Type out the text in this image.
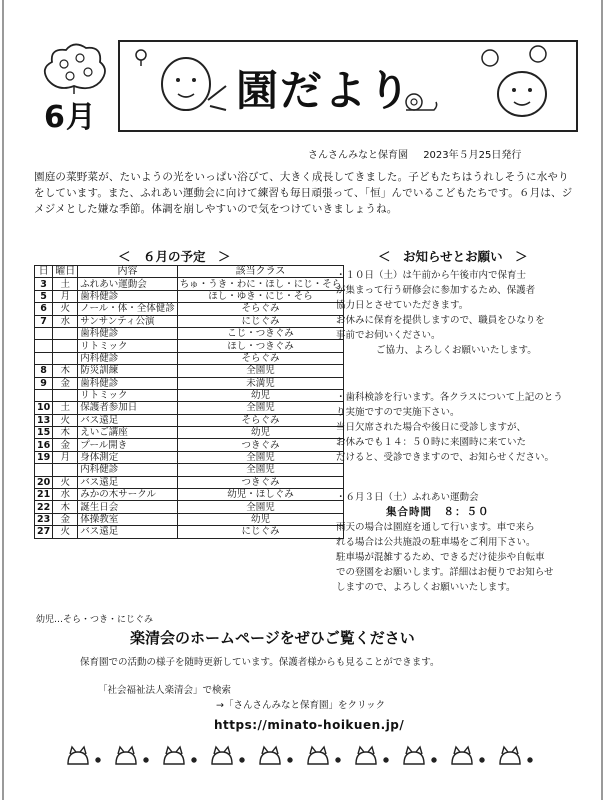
6月
園だより
さんさんみなと保育園 2023年５月25日発行
園庭の菜野菜が、たいようの光をいっぱい浴びて、大きく成長してきました。子どもたちはうれしそうに水やりをしています。また、ふれあい運動会に向けて練習も毎日頑張って、「恒」んでいるこどもたちです。６月は、ジメジメとした嫌な季節。体調を崩しやすいので気をつけていきましょうね。
＜　６月の予定　＞
日	曜日	内容	該当クラス
3	土	ふれあい運動会	ちゅ・うき・わに・ほし・にじ・そら
5	月	歯科健診	ほし・ゆき・にじ・そら
6	火	ノール・体・全体健診	そらぐみ
7	水	サンサンティ公演	にじぐみ
		歯科健診	こじ・つきぐみ
		リトミック	ほし・つきぐみ
		内科健診	そらぐみ
8	木	防災訓練	全園児
9	金	歯科健診	未満児
		リトミック	幼児
10	土	保護者参加日	全園児
13	火	バス遠足	そらぐみ
15	木	えいご講座	幼児
16	金	プール開き	つきぐみ
19	月	身体測定	全園児
		内科健診	全園児
20	火	バス遠足	つきぐみ
21	水	みかの木サークル	幼児・ほしぐみ
22	木	誕生日会	全園児
23	金	体操教室	幼児
27	火	バス遠足	にじぐみ
＜　お知らせとお願い　＞
・１０日（土）は午前から午後市内で保育士
が集まって行う研修会に参加するため、保護者
協力日とさせていただきます。
お休みに保育を提供しますので、職員をひなりを
事前でお伺いください。
ご協力、よろしくお願いいたします。
・歯科検診を行います。各クラスについて上記のとう
り実施ですので実施下さい。
当日欠席された場合や後日に受診しますが、
お休みでも１４：５０時に来園時に来ていた
だけると、受診できますので、お知らせください。
・６月３日（土）ふれあい運動会
集合時間　８：５０
雨天の場合は園庭を通して行います。車で来ら
れる場合は公共施設の駐車場をご利用下さい。
駐車場が混雑するため、できるだけ徒歩や自転車
での登園をお願いします。詳細はお便りでお知らせ
しますので、よろしくお願いいたします。
幼児…そら・つき・にじぐみ
楽清会のホームページをぜひご覧ください
保育園での活動の様子を随時更新しています。保護者様からも見ることができます。
「社会福祉法人楽清会」で検索
→「さんさんみなと保育園」をクリック
https://minato-hoikuen.jp/
